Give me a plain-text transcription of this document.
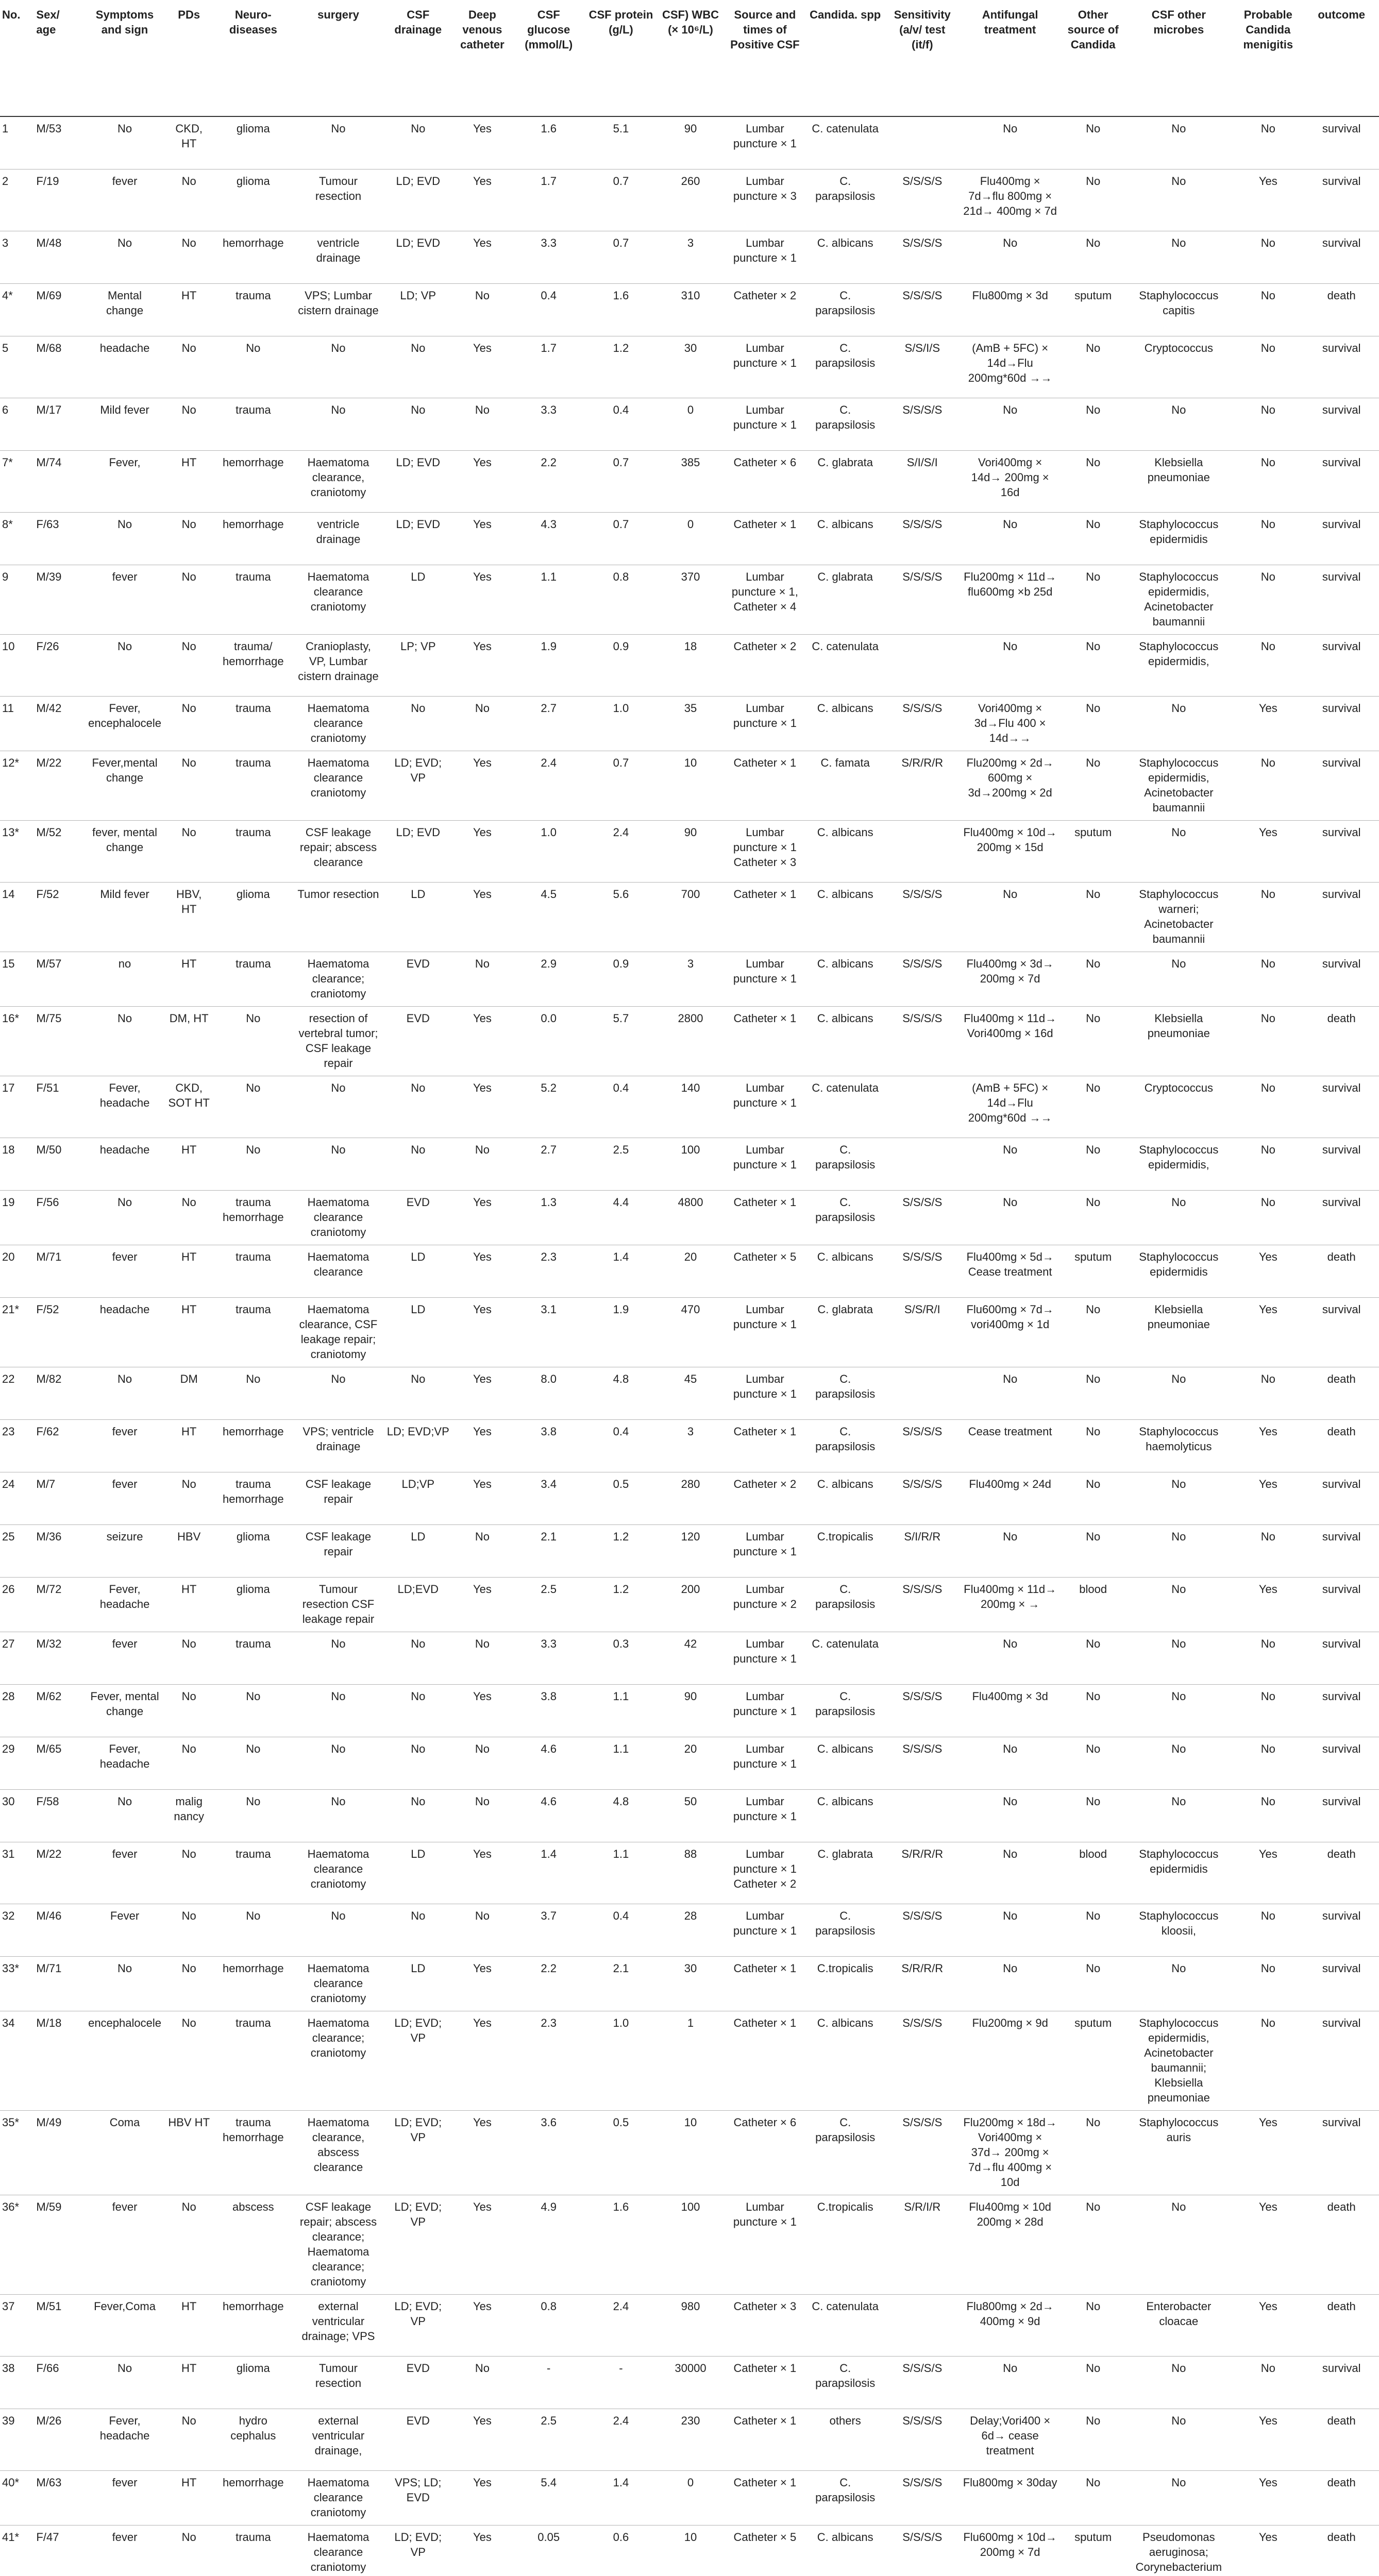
No.	Sex/ age	Symptoms and sign	PDs	Neuro-diseases	surgery	CSF drainage	Deep venous catheter	CSF glucose (mmol/L)	CSF protein (g/L)	CSF) WBC (× 10⁶/L)	Source and times of Positive CSF	Candida. spp	Sensitivity (a/v/ test (it/f)	Antifungal treatment	Other source of Candida	CSF other microbes	Probable Candida menigitis	outcome
1	M/53	No	CKD, HT	glioma	No	No	Yes	1.6	5.1	90	Lumbar puncture × 1	C. catenulata		No	No	No	No	survival
2	F/19	fever	No	glioma	Tumour resection	LD; EVD	Yes	1.7	0.7	260	Lumbar puncture × 3	C. parapsilosis	S/S/S/S	Flu400mg × 7d→flu 800mg × 21d→ 400mg × 7d	No	No	Yes	survival
3	M/48	No	No	hemorrhage	ventricle drainage	LD; EVD	Yes	3.3	0.7	3	Lumbar puncture × 1	C. albicans	S/S/S/S	No	No	No	No	survival
4*	M/69	Mental change	HT	trauma	VPS; Lumbar cistern drainage	LD; VP	No	0.4	1.6	310	Catheter × 2	C. parapsilosis	S/S/S/S	Flu800mg × 3d	sputum	Staphylococcus capitis	No	death
5	M/68	headache	No	No	No	No	Yes	1.7	1.2	30	Lumbar puncture × 1	C. parapsilosis	S/S/I/S	(AmB + 5FC) × 14d→Flu 200mg*60d →→	No	Cryptococcus	No	survival
6	M/17	Mild fever	No	trauma	No	No	No	3.3	0.4	0	Lumbar puncture × 1	C. parapsilosis	S/S/S/S	No	No	No	No	survival
7*	M/74	Fever,	HT	hemorrhage	Haematoma clearance, craniotomy	LD; EVD	Yes	2.2	0.7	385	Catheter × 6	C. glabrata	S/I/S/I	Vori400mg × 14d→ 200mg × 16d	No	Klebsiella pneumoniae	No	survival
8*	F/63	No	No	hemorrhage	ventricle drainage	LD; EVD	Yes	4.3	0.7	0	Catheter × 1	C. albicans	S/S/S/S	No	No	Staphylococcus epidermidis	No	survival
9	M/39	fever	No	trauma	Haematoma clearance craniotomy	LD	Yes	1.1	0.8	370	Lumbar puncture × 1, Catheter × 4	C. glabrata	S/S/S/S	Flu200mg × 11d→ flu600mg ×b 25d	No	Staphylococcus epidermidis, Acinetobacter baumannii	No	survival
10	F/26	No	No	trauma/ hemorrhage	Cranioplasty, VP, Lumbar cistern drainage	LP; VP	Yes	1.9	0.9	18	Catheter × 2	C. catenulata		No	No	Staphylococcus epidermidis,	No	survival
11	M/42	Fever, encephalocele	No	trauma	Haematoma clearance craniotomy	No	No	2.7	1.0	35	Lumbar puncture × 1	C. albicans	S/S/S/S	Vori400mg × 3d→Flu 400 × 14d→→	No	No	Yes	survival
12*	M/22	Fever,mental change	No	trauma	Haematoma clearance craniotomy	LD; EVD; VP	Yes	2.4	0.7	10	Catheter × 1	C. famata	S/R/R/R	Flu200mg × 2d→ 600mg × 3d→200mg × 2d	No	Staphylococcus epidermidis, Acinetobacter baumannii	No	survival
13*	M/52	fever, mental change	No	trauma	CSF leakage repair; abscess clearance	LD; EVD	Yes	1.0	2.4	90	Lumbar puncture × 1 Catheter × 3	C. albicans		Flu400mg × 10d→ 200mg × 15d	sputum	No	Yes	survival
14	F/52	Mild fever	HBV, HT	glioma	Tumor resection	LD	Yes	4.5	5.6	700	Catheter × 1	C. albicans	S/S/S/S	No	No	Staphylococcus warneri; Acinetobacter baumannii	No	survival
15	M/57	no	HT	trauma	Haematoma clearance; craniotomy	EVD	No	2.9	0.9	3	Lumbar puncture × 1	C. albicans	S/S/S/S	Flu400mg × 3d→ 200mg × 7d	No	No	No	survival
16*	M/75	No	DM, HT	No	resection of vertebral tumor; CSF leakage repair	EVD	Yes	0.0	5.7	2800	Catheter × 1	C. albicans	S/S/S/S	Flu400mg × 11d→ Vori400mg × 16d	No	Klebsiella pneumoniae	No	death
17	F/51	Fever, headache	CKD, SOT HT	No	No	No	Yes	5.2	0.4	140	Lumbar puncture × 1	C. catenulata		(AmB + 5FC) × 14d→Flu 200mg*60d →→	No	Cryptococcus	No	survival
18	M/50	headache	HT	No	No	No	No	2.7	2.5	100	Lumbar puncture × 1	C. parapsilosis		No	No	Staphylococcus epidermidis,	No	survival
19	F/56	No	No	trauma hemorrhage	Haematoma clearance craniotomy	EVD	Yes	1.3	4.4	4800	Catheter × 1	C. parapsilosis	S/S/S/S	No	No	No	No	survival
20	M/71	fever	HT	trauma	Haematoma clearance	LD	Yes	2.3	1.4	20	Catheter × 5	C. albicans	S/S/S/S	Flu400mg × 5d→ Cease treatment	sputum	Staphylococcus epidermidis	Yes	death
21*	F/52	headache	HT	trauma	Haematoma clearance, CSF leakage repair; craniotomy	LD	Yes	3.1	1.9	470	Lumbar puncture × 1	C. glabrata	S/S/R/I	Flu600mg × 7d→ vori400mg × 1d	No	Klebsiella pneumoniae	Yes	survival
22	M/82	No	DM	No	No	No	Yes	8.0	4.8	45	Lumbar puncture × 1	C. parapsilosis		No	No	No	No	death
23	F/62	fever	HT	hemorrhage	VPS; ventricle drainage	LD; EVD;VP	Yes	3.8	0.4	3	Catheter × 1	C. parapsilosis	S/S/S/S	Cease treatment	No	Staphylococcus haemolyticus	Yes	death
24	M/7	fever	No	trauma hemorrhage	CSF leakage repair	LD;VP	Yes	3.4	0.5	280	Catheter × 2	C. albicans	S/S/S/S	Flu400mg × 24d	No	No	Yes	survival
25	M/36	seizure	HBV	glioma	CSF leakage repair	LD	No	2.1	1.2	120	Lumbar puncture × 1	C.tropicalis	S/I/R/R	No	No	No	No	survival
26	M/72	Fever, headache	HT	glioma	Tumour resection CSF leakage repair	LD;EVD	Yes	2.5	1.2	200	Lumbar puncture × 2	C. parapsilosis	S/S/S/S	Flu400mg × 11d→ 200mg × →	blood	No	Yes	survival
27	M/32	fever	No	trauma	No	No	No	3.3	0.3	42	Lumbar puncture × 1	C. catenulata		No	No	No	No	survival
28	M/62	Fever, mental change	No	No	No	No	Yes	3.8	1.1	90	Lumbar puncture × 1	C. parapsilosis	S/S/S/S	Flu400mg × 3d	No	No	No	survival
29	M/65	Fever, headache	No	No	No	No	No	4.6	1.1	20	Lumbar puncture × 1	C. albicans	S/S/S/S	No	No	No	No	survival
30	F/58	No	malig nancy	No	No	No	No	4.6	4.8	50	Lumbar puncture × 1	C. albicans		No	No	No	No	survival
31	M/22	fever	No	trauma	Haematoma clearance craniotomy	LD	Yes	1.4	1.1	88	Lumbar puncture × 1 Catheter × 2	C. glabrata	S/R/R/R	No	blood	Staphylococcus epidermidis	Yes	death
32	M/46	Fever	No	No	No	No	No	3.7	0.4	28	Lumbar puncture × 1	C. parapsilosis	S/S/S/S	No	No	Staphylococcus kloosii,	No	survival
33*	M/71	No	No	hemorrhage	Haematoma clearance craniotomy	LD	Yes	2.2	2.1	30	Catheter × 1	C.tropicalis	S/R/R/R	No	No	No	No	survival
34	M/18	encephalocele	No	trauma	Haematoma clearance; craniotomy	LD; EVD; VP	Yes	2.3	1.0	1	Catheter × 1	C. albicans	S/S/S/S	Flu200mg × 9d	sputum	Staphylococcus epidermidis, Acinetobacter baumannii; Klebsiella pneumoniae	No	survival
35*	M/49	Coma	HBV HT	trauma hemorrhage	Haematoma clearance, abscess clearance	LD; EVD; VP	Yes	3.6	0.5	10	Catheter × 6	C. parapsilosis	S/S/S/S	Flu200mg × 18d→ Vori400mg × 37d→ 200mg × 7d→flu 400mg × 10d	No	Staphylococcus auris	Yes	survival
36*	M/59	fever	No	abscess	CSF leakage repair; abscess clearance; Haematoma clearance; craniotomy	LD; EVD; VP	Yes	4.9	1.6	100	Lumbar puncture × 1	C.tropicalis	S/R/I/R	Flu400mg × 10d 200mg × 28d	No	No	Yes	death
37	M/51	Fever,Coma	HT	hemorrhage	external ventricular drainage; VPS	LD; EVD; VP	Yes	0.8	2.4	980	Catheter × 3	C. catenulata		Flu800mg × 2d→ 400mg × 9d	No	Enterobacter cloacae	Yes	death
38	F/66	No	HT	glioma	Tumour resection	EVD	No	-	-	30000	Catheter × 1	C. parapsilosis	S/S/S/S	No	No	No	No	survival
39	M/26	Fever, headache	No	hydro cephalus	external ventricular drainage,	EVD	Yes	2.5	2.4	230	Catheter × 1	others	S/S/S/S	Delay;Vori400 × 6d→ cease treatment	No	No	Yes	death
40*	M/63	fever	HT	hemorrhage	Haematoma clearance craniotomy	VPS; LD; EVD	Yes	5.4	1.4	0	Catheter × 1	C. parapsilosis	S/S/S/S	Flu800mg × 30day	No	No	Yes	death
41*	F/47	fever	No	trauma	Haematoma clearance craniotomy	LD; EVD; VP	Yes	0.05	0.6	10	Catheter × 5	C. albicans	S/S/S/S	Flu600mg × 10d→ 200mg × 7d	sputum	Pseudomonas aeruginosa; Corynebacterium	Yes	death
